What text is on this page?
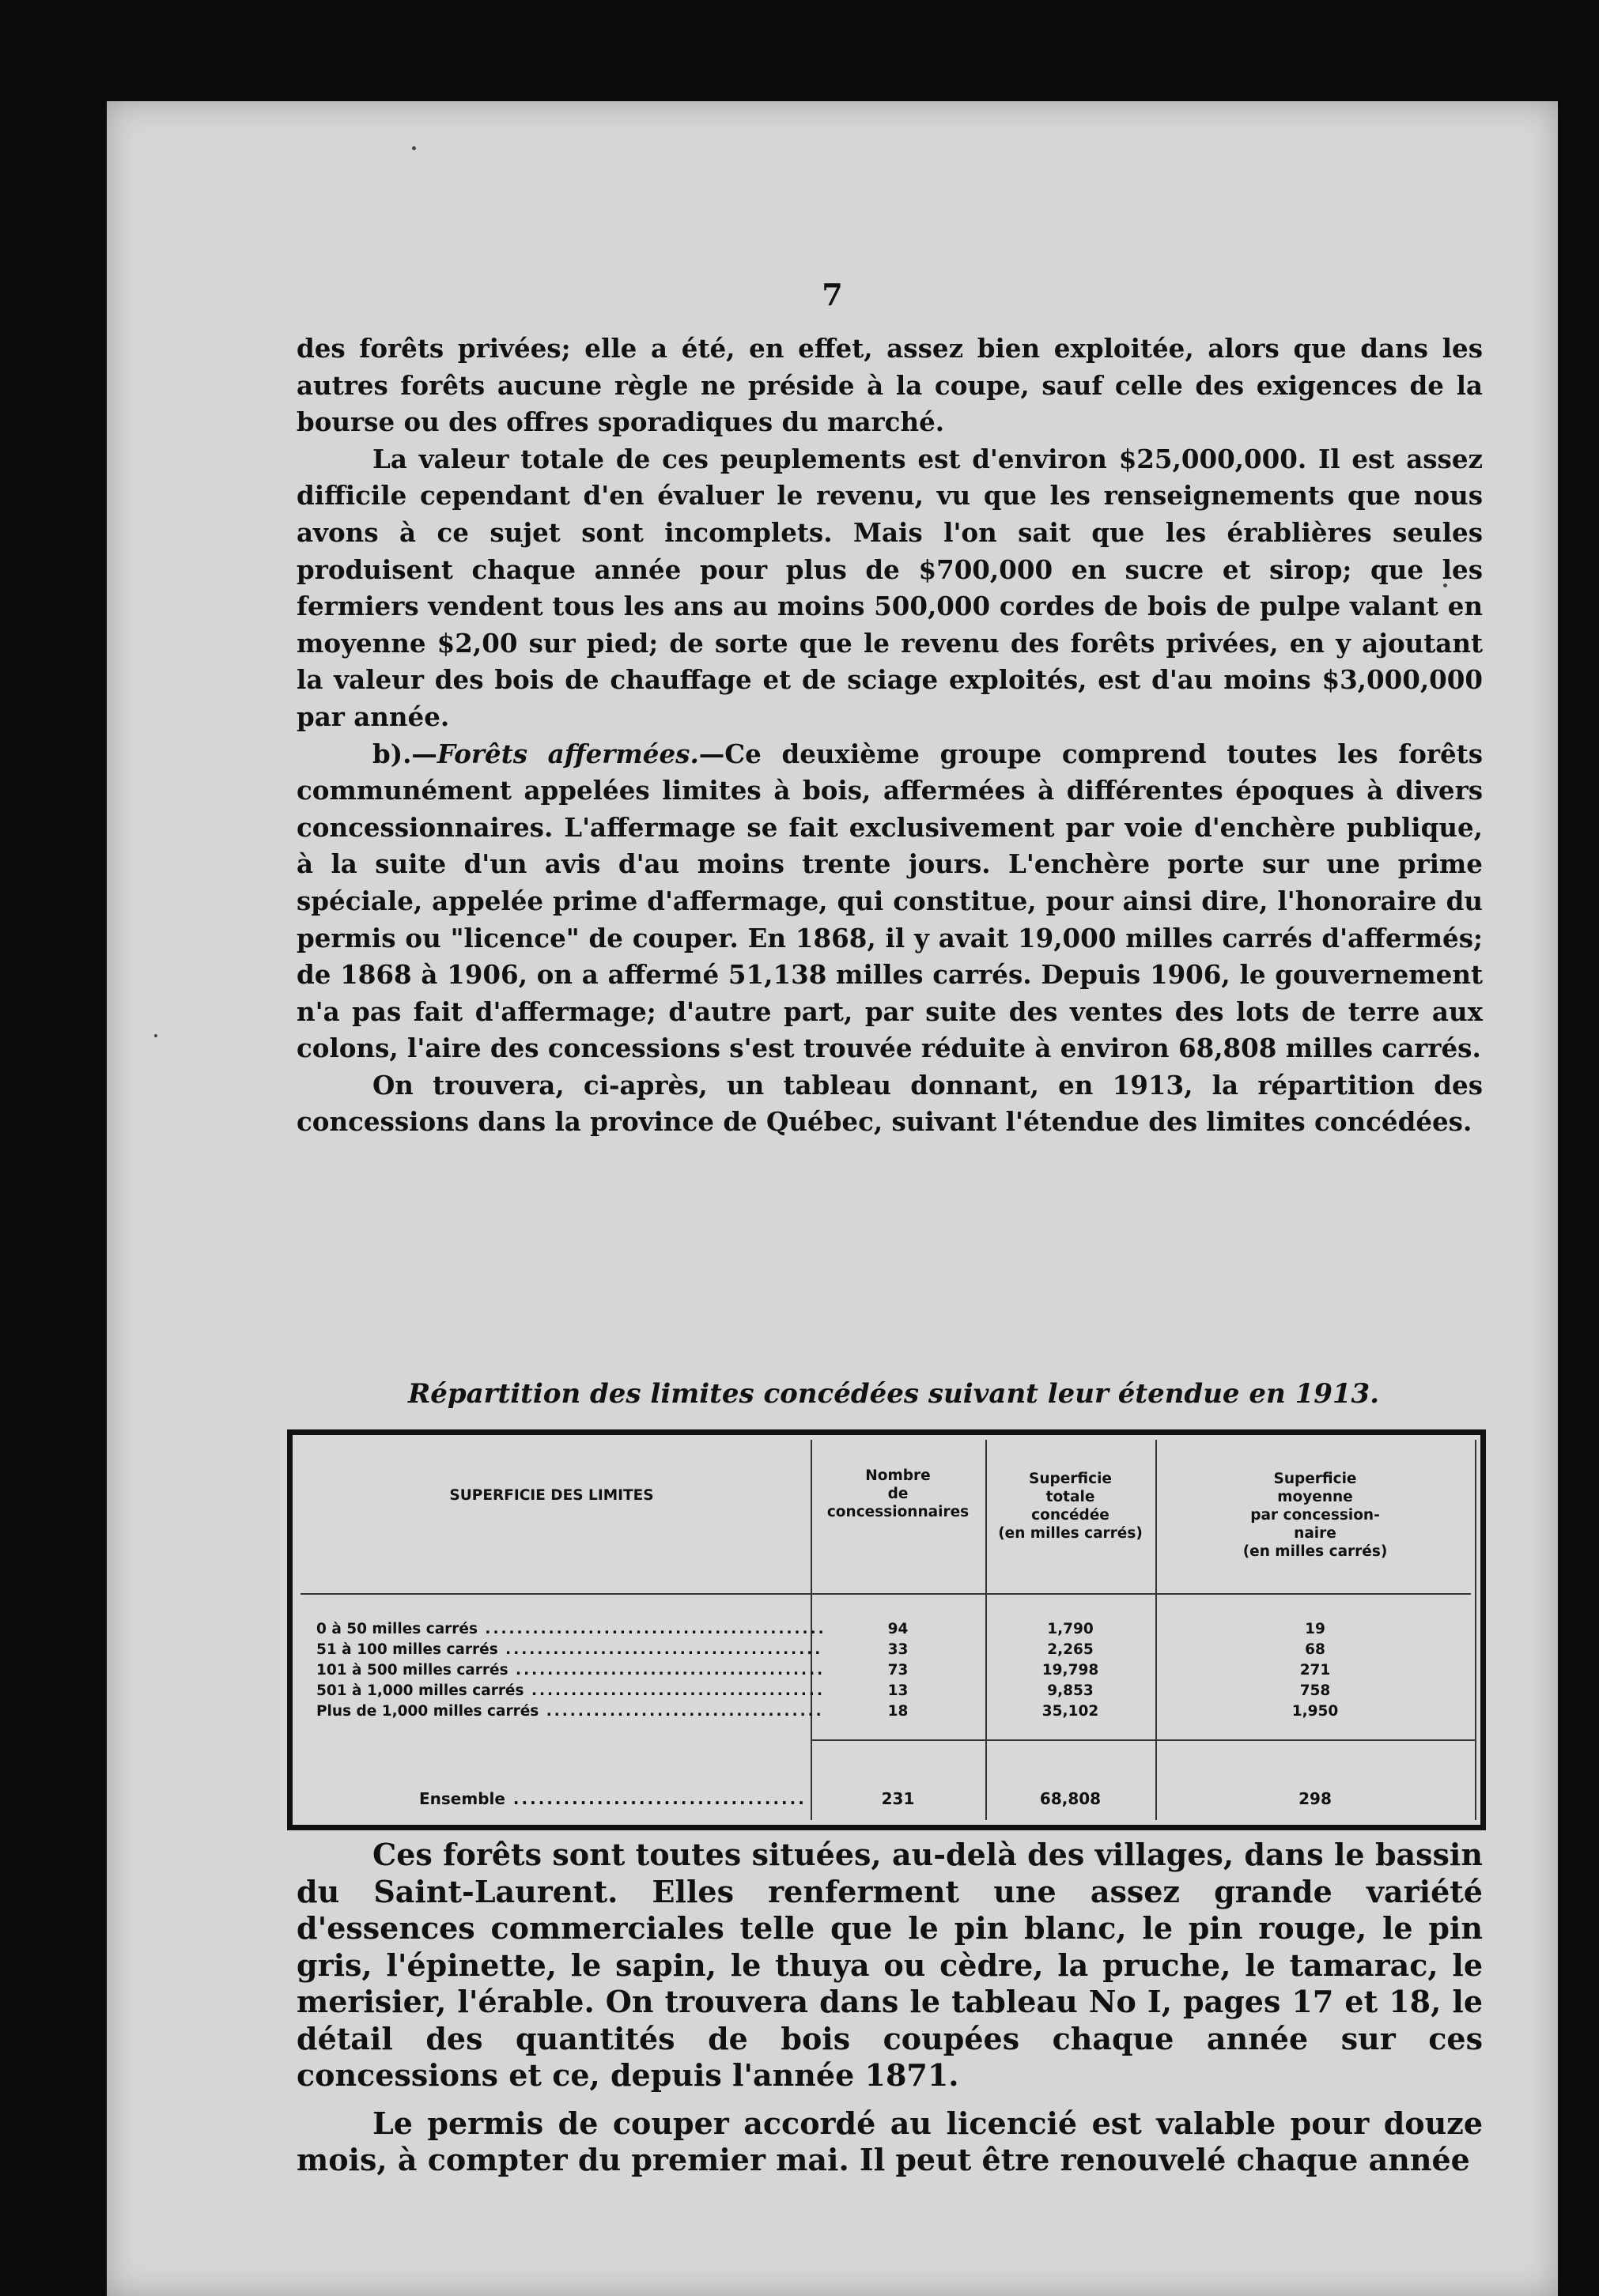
7

des forêts privées; elle a été, en effet, assez bien exploitée, alors que dans les autres forêts aucune règle ne préside à la coupe, sauf celle des exigences de la bourse ou des offres sporadiques du marché.

La valeur totale de ces peuplements est d'environ $25,000,000. Il est assez difficile cependant d'en évaluer le revenu, vu que les renseignements que nous avons à ce sujet sont incomplets. Mais l'on sait que les érablières seules produisent chaque année pour plus de $700,000 en sucre et sirop; que les fermiers vendent tous les ans au moins 500,000 cordes de bois de pulpe valant en moyenne $2,00 sur pied; de sorte que le revenu des forêts privées, en y ajoutant la valeur des bois de chauffage et de sciage exploités, est d'au moins $3,000,000 par année.

b).—Forêts affermées.—Ce deuxième groupe comprend toutes les forêts communément appelées limites à bois, affermées à différentes époques à divers concessionnaires. L'affermage se fait exclusivement par voie d'enchère publique, à la suite d'un avis d'au moins trente jours. L'enchère porte sur une prime spéciale, appelée prime d'affermage, qui constitue, pour ainsi dire, l'honoraire du permis ou "licence" de couper. En 1868, il y avait 19,000 milles carrés d'affermés; de 1868 à 1906, on a affermé 51,138 milles carrés. Depuis 1906, le gouvernement n'a pas fait d'affermage; d'autre part, par suite des ventes des lots de terre aux colons, l'aire des concessions s'est trouvée réduite à environ 68,808 milles carrés.

On trouvera, ci-après, un tableau donnant, en 1913, la répartition des concessions dans la province de Québec, suivant l'étendue des limites concédées.

Répartition des limites concédées suivant leur étendue en 1913.

SUPERFICIE DES LIMITES
Nombre
de
concessionnaires
Superficie
totale
concédée
(en milles carrés)
Superficie
moyenne
par concession-
naire
(en milles carrés)
0 à 50 milles carrés .....	94	1,790	19
51 à 100 milles carrés .....	33	2,265	68
101 à 500 milles carrés .....	73	19,798	271
501 à 1,000 milles carrés .....	13	9,853	758
Plus de 1,000 milles carrés .....	18	35,102	1,950
Ensemble .....	231	68,808	298

Ces forêts sont toutes situées, au-delà des villages, dans le bassin du Saint-Laurent. Elles renferment une assez grande variété d'essences commerciales telle que le pin blanc, le pin rouge, le pin gris, l'épinette, le sapin, le thuya ou cèdre, la pruche, le tamarac, le merisier, l'érable. On trouvera dans le tableau No I, pages 17 et 18, le détail des quantités de bois coupées chaque année sur ces concessions et ce, depuis l'année 1871.

Le permis de couper accordé au licencié est valable pour douze mois, à compter du premier mai. Il peut être renouvelé chaque année
